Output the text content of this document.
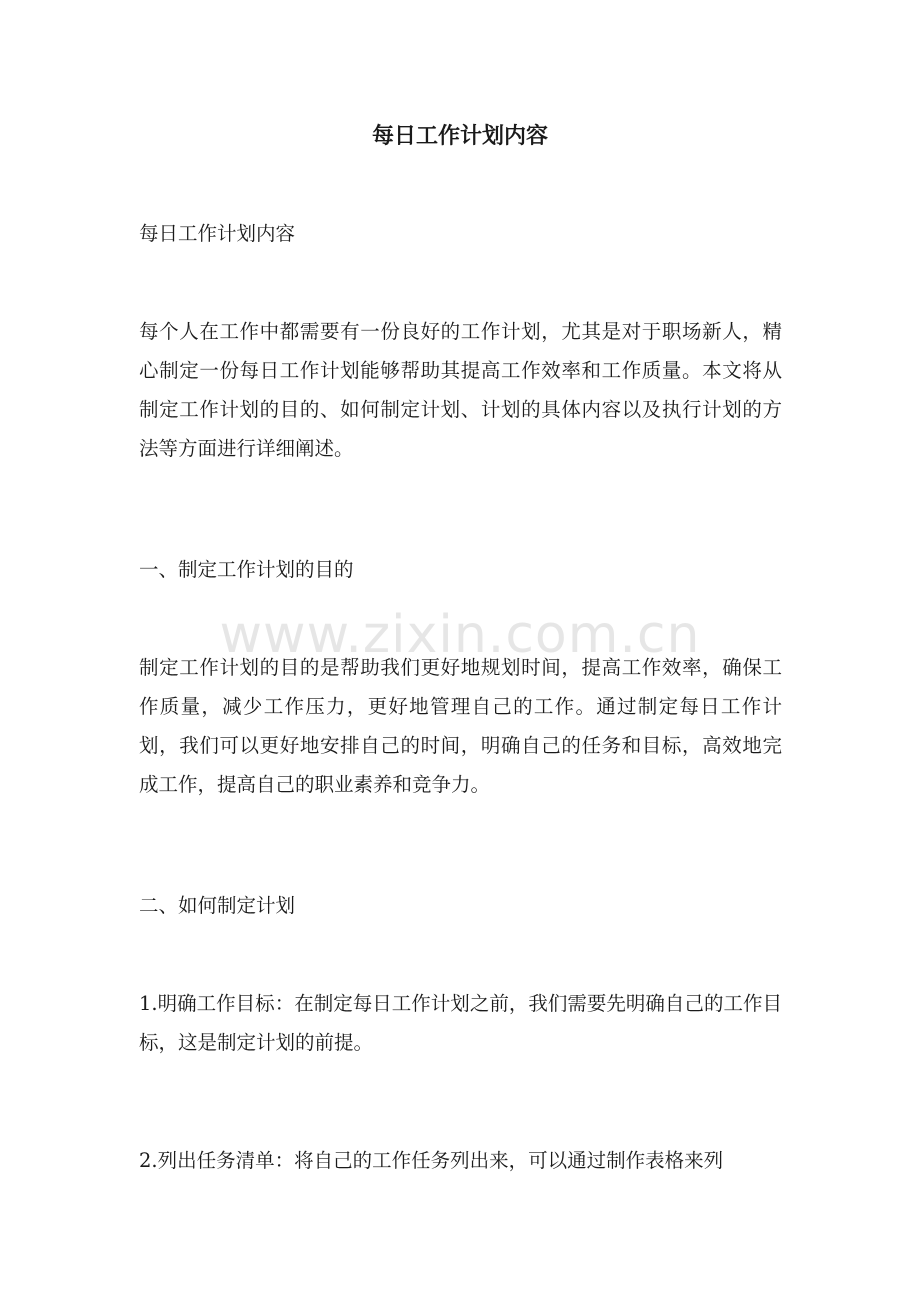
每日工作计划内容

每日工作计划内容

每个人在工作中都需要有一份良好的工作计划，尤其是对于职场新人，精心制定一份每日工作计划能够帮助其提高工作效率和工作质量。本文将从制定工作计划的目的、如何制定计划、计划的具体内容以及执行计划的方法等方面进行详细阐述。

一、制定工作计划的目的

制定工作计划的目的是帮助我们更好地规划时间，提高工作效率，确保工作质量，减少工作压力，更好地管理自己的工作。通过制定每日工作计划，我们可以更好地安排自己的时间，明确自己的任务和目标，高效地完成工作，提高自己的职业素养和竞争力。

二、如何制定计划

1.明确工作目标：在制定每日工作计划之前，我们需要先明确自己的工作目标，这是制定计划的前提。

2.列出任务清单：将自己的工作任务列出来，可以通过制作表格来列

www.zixin.com.cn
